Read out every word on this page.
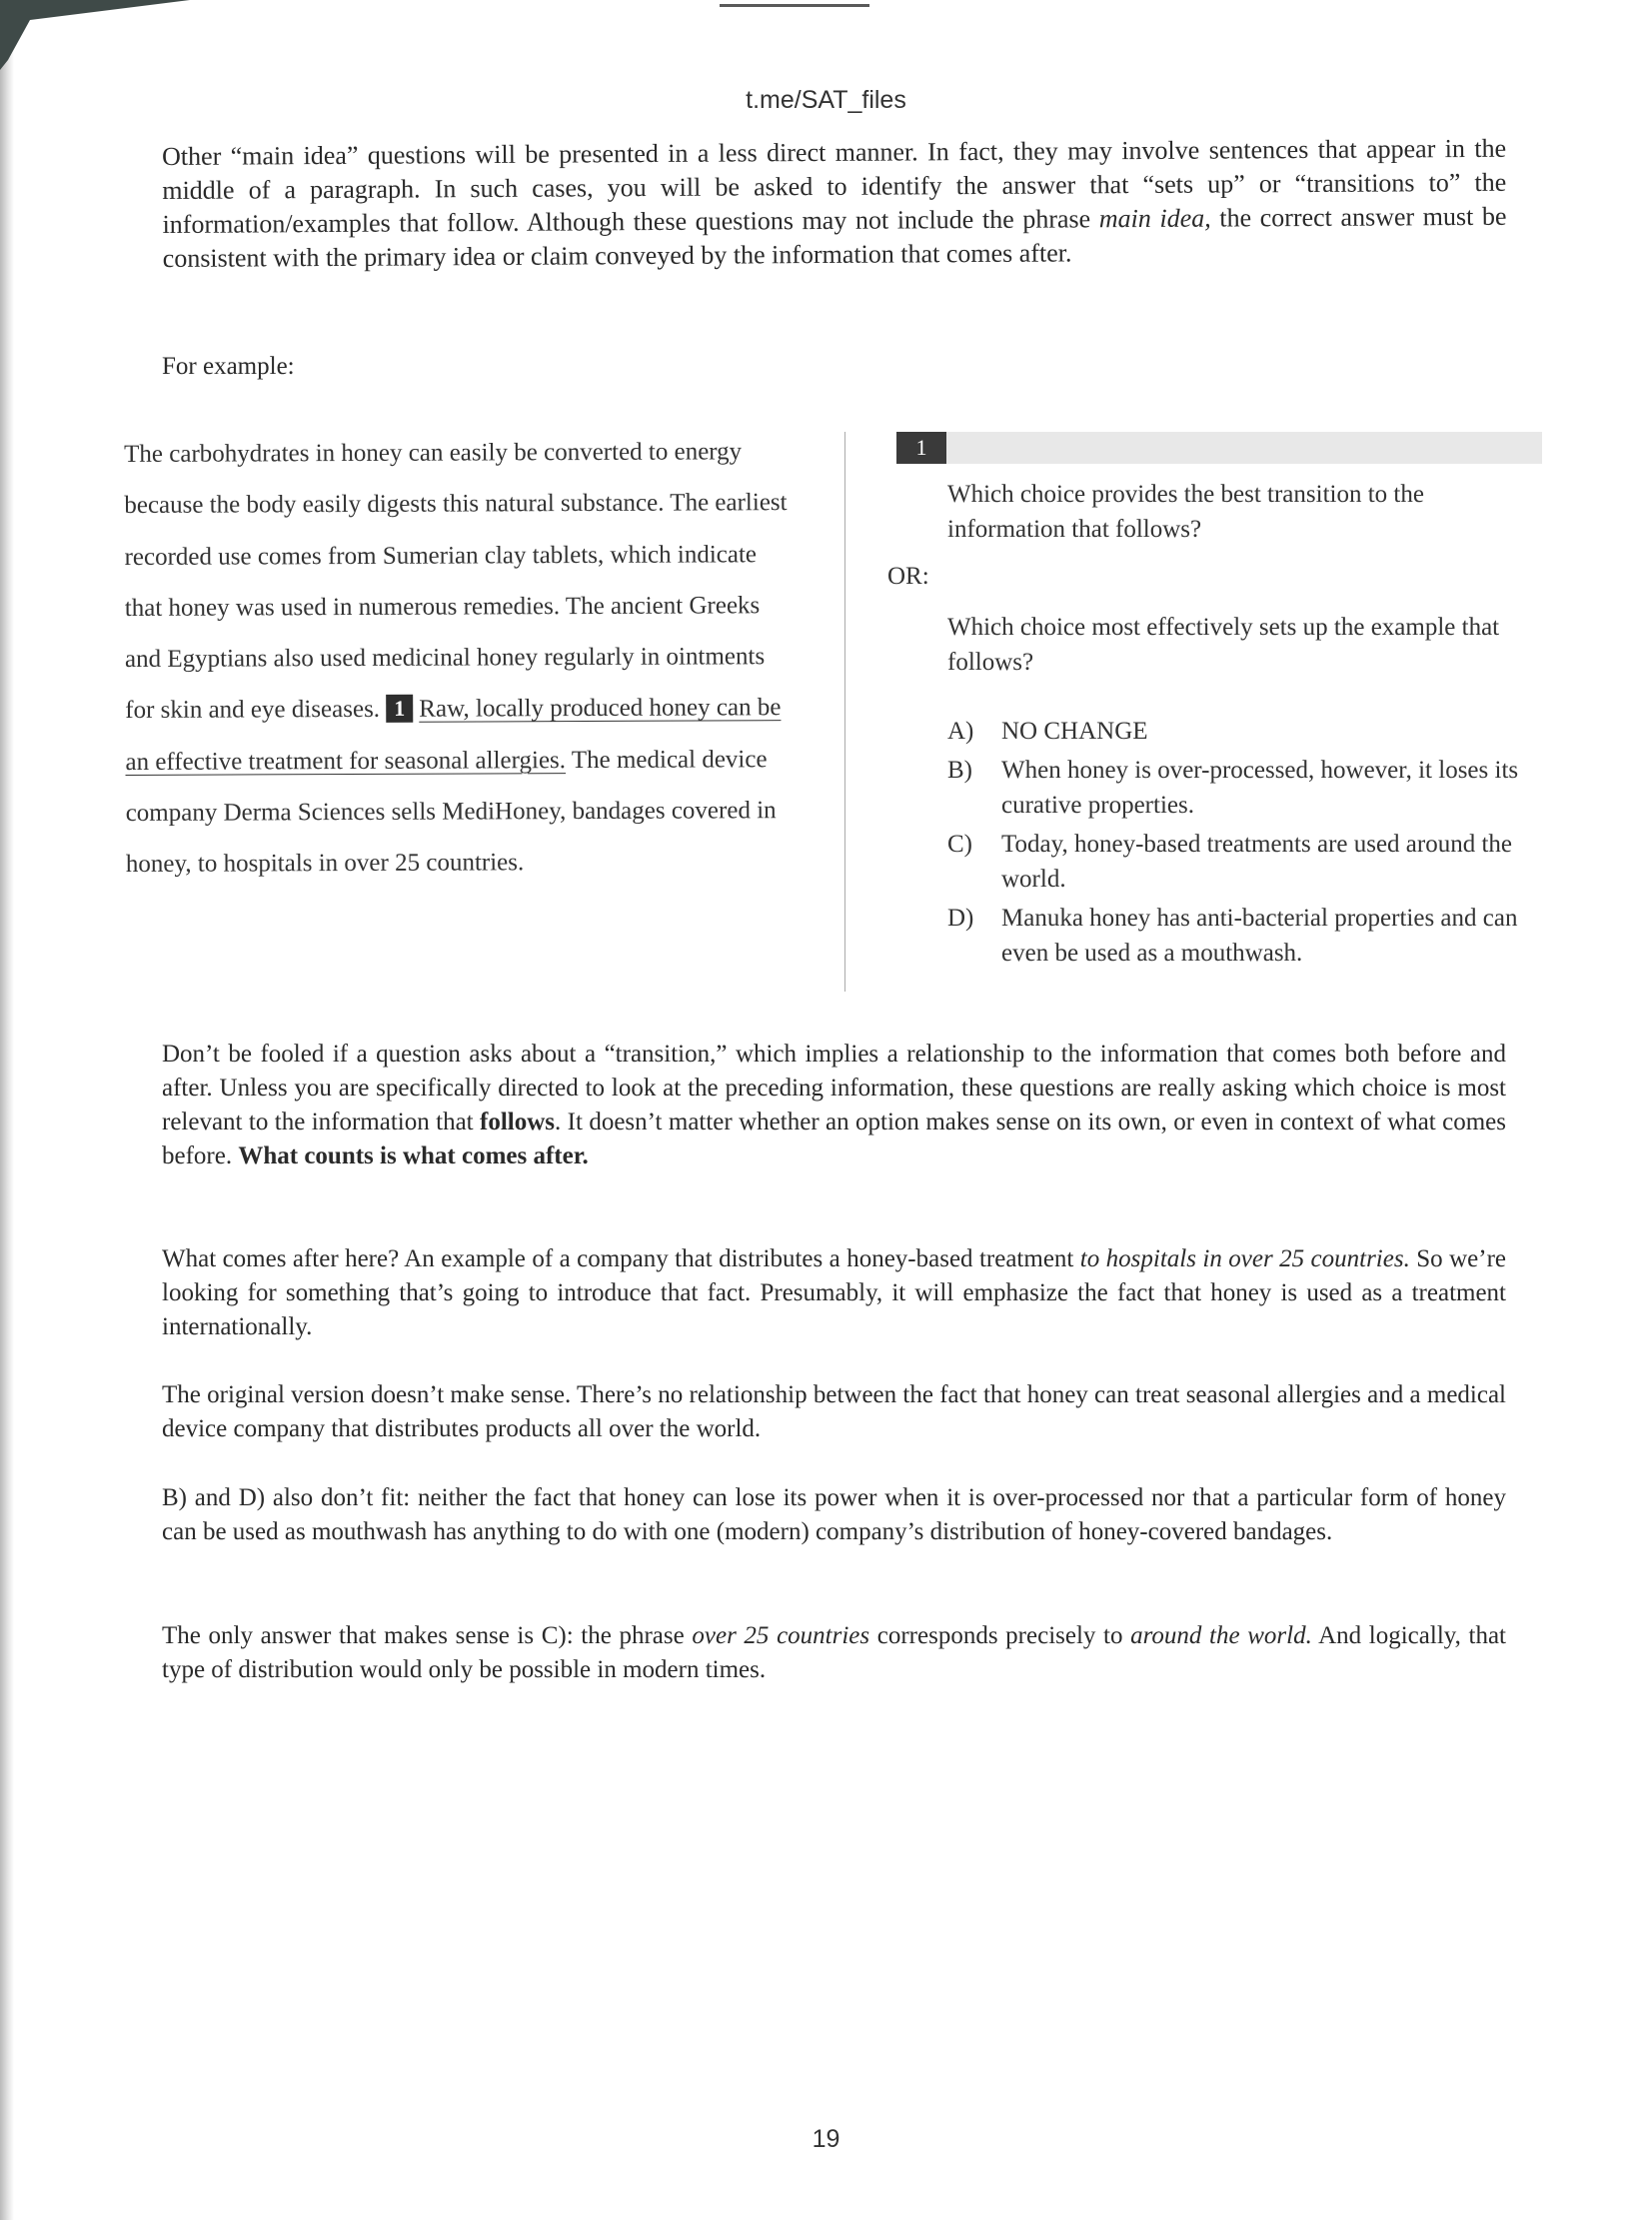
t.me/SAT_files

Other “main idea” questions will be presented in a less direct manner. In fact, they may involve sentences that appear in the middle of a paragraph. In such cases, you will be asked to identify the answer that “sets up” or “transitions to” the information/examples that follow. Although these questions may not include the phrase main idea, the correct answer must be consistent with the primary idea or claim conveyed by the information that comes after.

For example:

The carbohydrates in honey can easily be converted to energy because the body easily digests this natural substance. The earliest recorded use comes from Sumerian clay tablets, which indicate that honey was used in numerous remedies. The ancient Greeks and Egyptians also used medicinal honey regularly in ointments for skin and eye diseases. 1 Raw, locally produced honey can be an effective treatment for seasonal allergies. The medical device company Derma Sciences sells MediHoney, bandages covered in honey, to hospitals in over 25 countries.
1

Which choice provides the best transition to the information that follows?

OR:

Which choice most effectively sets up the example that follows?

A) NO CHANGE
B) When honey is over-processed, however, it loses its curative properties.
C) Today, honey-based treatments are used around the world.
D) Manuka honey has anti-bacterial properties and can even be used as a mouthwash.

Don’t be fooled if a question asks about a “transition,” which implies a relationship to the information that comes both before and after. Unless you are specifically directed to look at the preceding information, these questions are really asking which choice is most relevant to the information that follows. It doesn’t matter whether an option makes sense on its own, or even in context of what comes before. What counts is what comes after.

What comes after here? An example of a company that distributes a honey-based treatment to hospitals in over 25 countries. So we’re looking for something that’s going to introduce that fact. Presumably, it will emphasize the fact that honey is used as a treatment internationally.

The original version doesn’t make sense. There’s no relationship between the fact that honey can treat seasonal allergies and a medical device company that distributes products all over the world.

B) and D) also don’t fit: neither the fact that honey can lose its power when it is over-processed nor that a particular form of honey can be used as mouthwash has anything to do with one (modern) company’s distribution of honey-covered bandages.

The only answer that makes sense is C): the phrase over 25 countries corresponds precisely to around the world. And logically, that type of distribution would only be possible in modern times.

19
